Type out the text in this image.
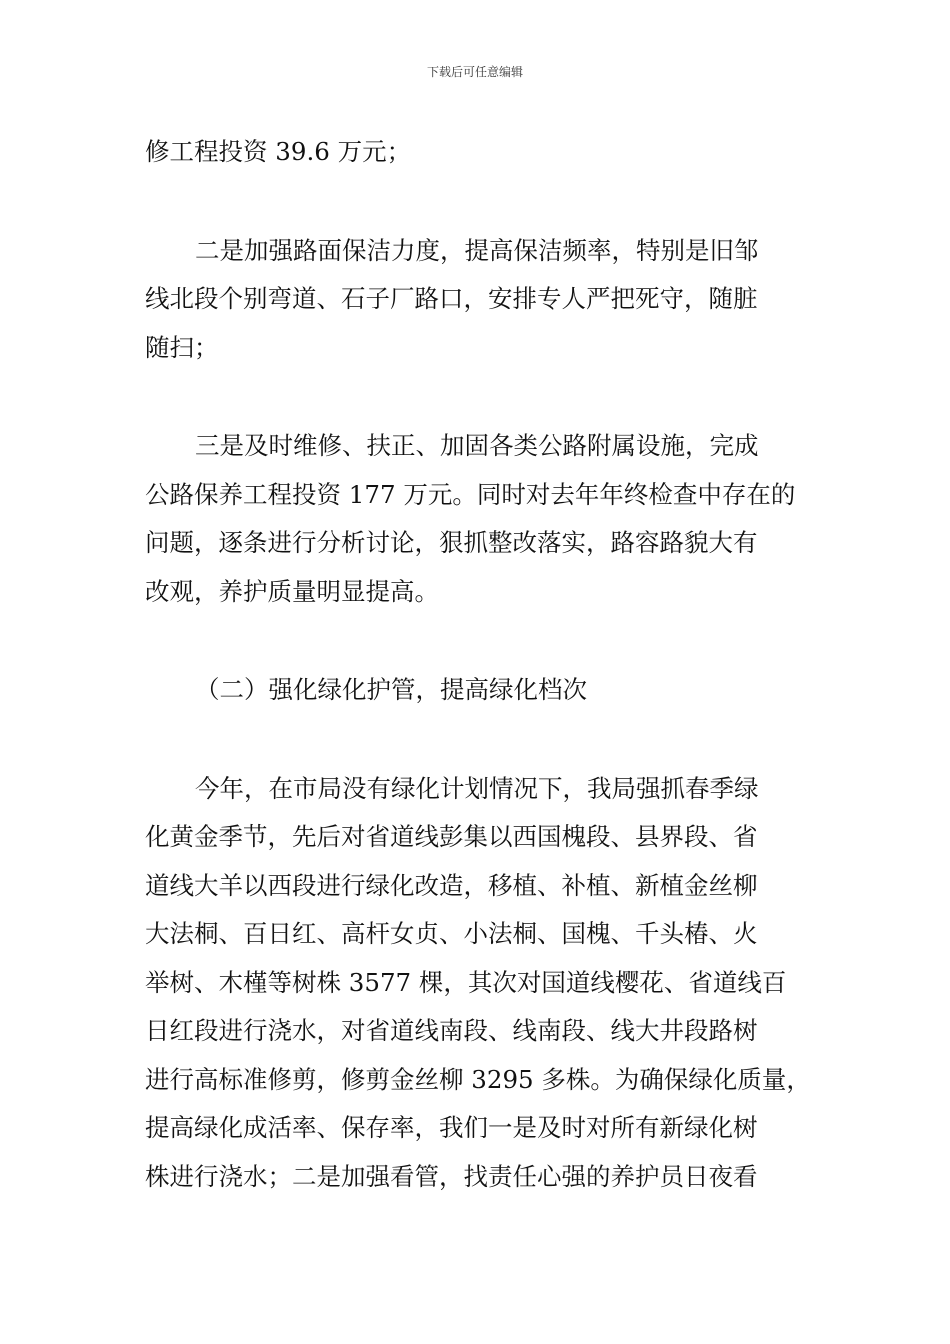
下载后可任意编辑

修工程投资 39.6 万元；

二是加强路面保洁力度，提高保洁频率，特别是旧邹
线北段个别弯道、石子厂路口，安排专人严把死守，随脏
随扫；

三是及时维修、扶正、加固各类公路附属设施，完成
公路保养工程投资 177 万元。同时对去年年终检查中存在的
问题，逐条进行分析讨论，狠抓整改落实，路容路貌大有
改观，养护质量明显提高。

（二）强化绿化护管，提高绿化档次

今年，在市局没有绿化计划情况下，我局强抓春季绿
化黄金季节，先后对省道线彭集以西国槐段、县界段、省
道线大羊以西段进行绿化改造，移植、补植、新植金丝柳
大法桐、百日红、高杆女贞、小法桐、国槐、千头椿、火
举树、木槿等树株 3577 棵，其次对国道线樱花、省道线百
日红段进行浇水，对省道线南段、线南段、线大井段路树
进行高标准修剪，修剪金丝柳 3295 多株。为确保绿化质量，
提高绿化成活率、保存率，我们一是及时对所有新绿化树
株进行浇水；二是加强看管，找责任心强的养护员日夜看
